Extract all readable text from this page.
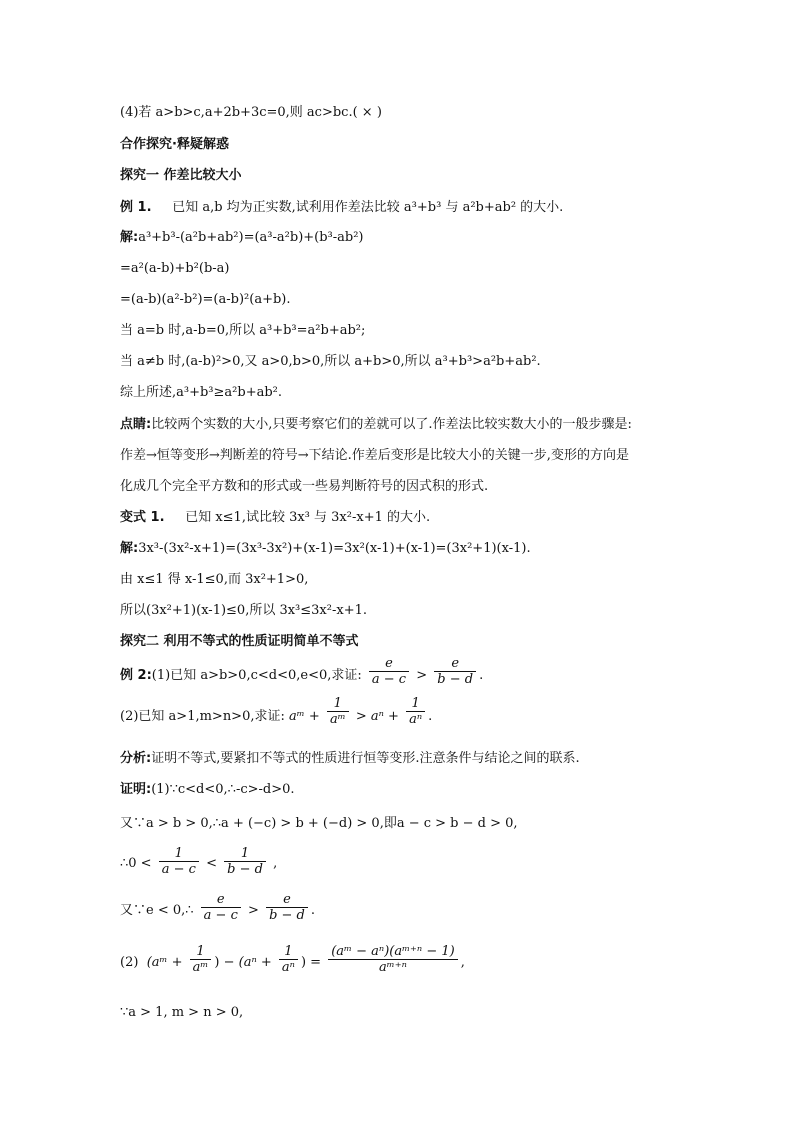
(4)若 a>b>c,a+2b+3c=0,则 ac>bc.( × )
合作探究·释疑解惑
探究一 作差比较大小
例 1. 已知 a,b 均为正实数,试利用作差法比较 a³+b³ 与 a²b+ab² 的大小.
解:a³+b³-(a²b+ab²)=(a³-a²b)+(b³-ab²)
=a²(a-b)+b²(b-a)
=(a-b)(a²-b²)=(a-b)²(a+b).
当 a=b 时,a-b=0,所以 a³+b³=a²b+ab²;
当 a≠b 时,(a-b)²>0,又 a>0,b>0,所以 a+b>0,所以 a³+b³>a²b+ab².
综上所述,a³+b³≥a²b+ab².
点睛:比较两个实数的大小,只要考察它们的差就可以了.作差法比较实数大小的一般步骤是:
作差→恒等变形→判断差的符号→下结论.作差后变形是比较大小的关键一步,变形的方向是
化成几个完全平方数和的形式或一些易判断符号的因式积的形式.
变式 1. 已知 x≤1,试比较 3x³ 与 3x²-x+1 的大小.
解:3x³-(3x²-x+1)=(3x³-3x²)+(x-1)=3x²(x-1)+(x-1)=(3x²+1)(x-1).
由 x≤1 得 x-1≤0,而 3x²+1>0,
所以(3x²+1)(x-1)≤0,所以 3x³≤3x²-x+1.
探究二 利用不等式的性质证明简单不等式
例 2:(1)已知 a>b>0,c<d<0,e<0,求证: $\frac{e}{a - c} > \frac{e}{b - d}$ .
(2)已知 a>1,m>n>0,求证: aᵐ + $\frac{1}{\text{aᵐ}} > a^n + \frac{1}{\text{aⁿ}}$ .
分析:证明不等式,要紧扣不等式的性质进行恒等变形.注意条件与结论之间的联系.
证明:(1)∵c<d<0,∴-c>-d>0.
又∵a > b > 0,∴a + (−c) > b + (−d) > 0,即a − c > b − d > 0,
∴0 < $\frac{1}{a - c} < \frac{1}{b - d}$ ,
又∵e < 0,∴ $\frac{e}{a - c} > \frac{e}{b - d}$ .
(2) (aᵐ + $\frac{1}{\text{aᵐ}}$ ) − ($a^n + \frac{1}{\text{aⁿ}}$ ) = $\frac{\text{(aᵐ − aⁿ)(aᵐ⁺ⁿ − 1)}}{\text{aᵐ⁺ⁿ}}$ ,
∵a > 1, m > n > 0,
